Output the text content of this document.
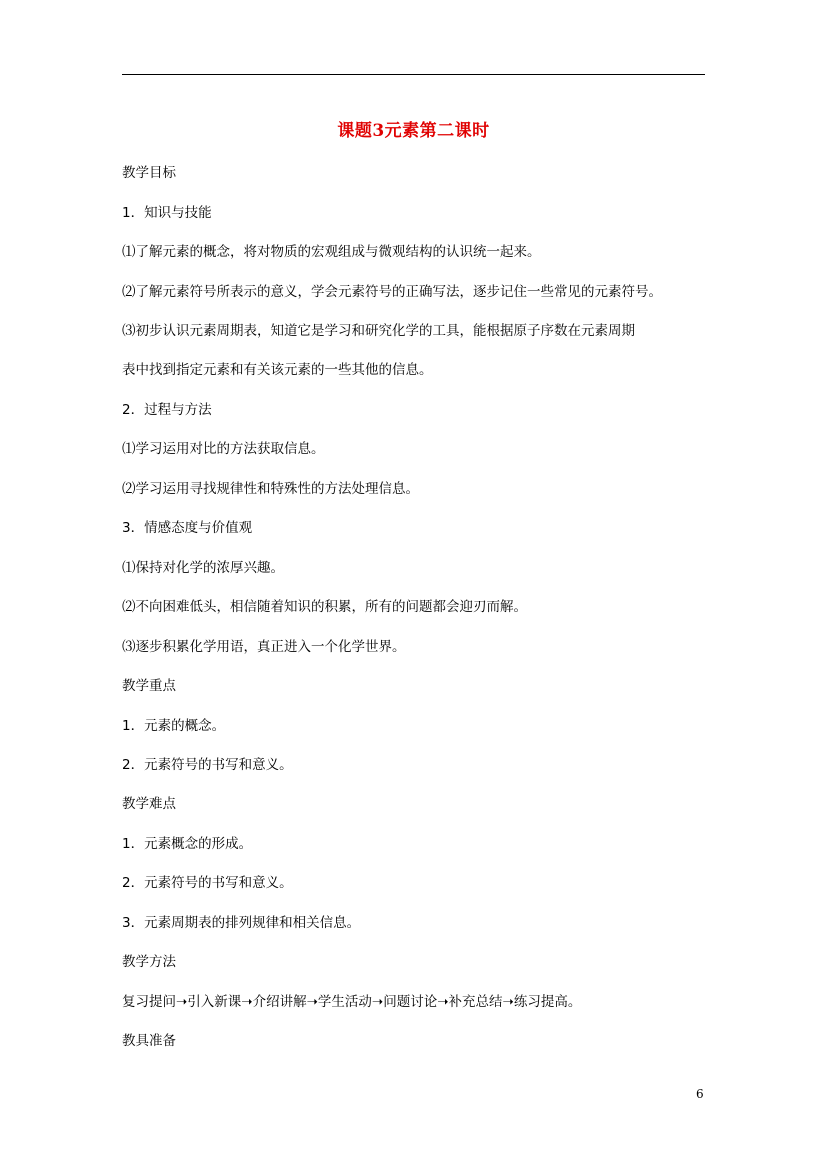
课题3元素第二课时
教学目标
1．知识与技能
⑴了解元素的概念，将对物质的宏观组成与微观结构的认识统一起来。
⑵了解元素符号所表示的意义，学会元素符号的正确写法，逐步记住一些常见的元素符号。
⑶初步认识元素周期表，知道它是学习和研究化学的工具，能根据原子序数在元素周期
表中找到指定元素和有关该元素的一些其他的信息。
2．过程与方法
⑴学习运用对比的方法获取信息。
⑵学习运用寻找规律性和特殊性的方法处理信息。
3．情感态度与价值观
⑴保持对化学的浓厚兴趣。
⑵不向困难低头，相信随着知识的积累，所有的问题都会迎刃而解。
⑶逐步积累化学用语，真正进入一个化学世界。
教学重点
1．元素的概念。
2．元素符号的书写和意义。
教学难点
1．元素概念的形成。
2．元素符号的书写和意义。
3．元素周期表的排列规律和相关信息。
教学方法
复习提问➝引入新课➝介绍讲解➝学生活动➝问题讨论➝补充总结➝练习提高。
教具准备
6
